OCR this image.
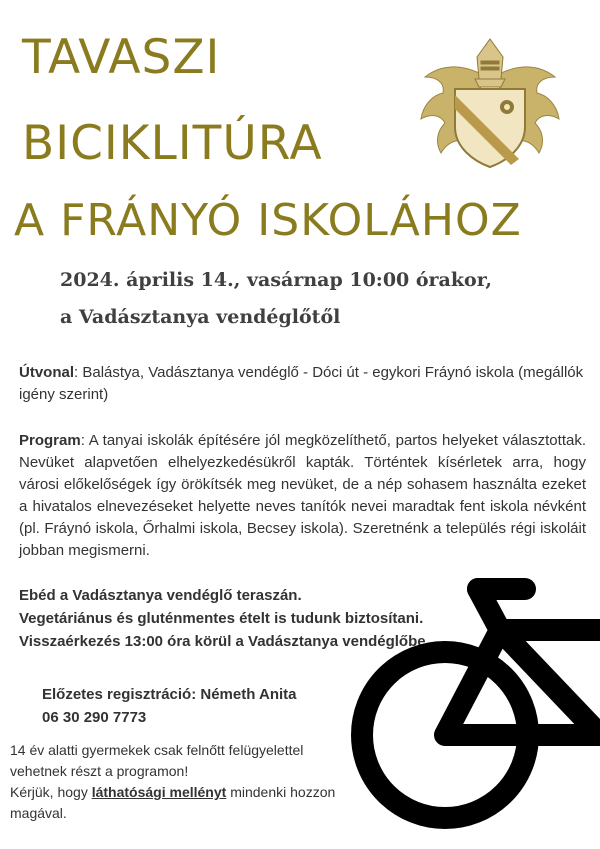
TAVASZI
BICIKLITÚRA
A FRÁNYÓ ISKOLÁHOZ
2024. április 14., vasárnap 10:00 órakor,
a Vadásztanya vendéglőtől
Útvonal: Balástya, Vadásztanya vendéglő - Dóci út - egykori Fráynó iskola (megállók igény szerint)
Program: A tanyai iskolák építésére jól megközelíthető, partos helyeket választottak. Nevüket alapvetően elhelyezkedésükről kapták. Történtek kísérletek arra, hogy városi előkelőségek így örökítsék meg nevüket, de a nép sohasem használta ezeket a hivatalos elnevezéseket helyette neves tanítók nevei maradtak fent iskola névként (pl. Fráynó iskola, Őrhalmi iskola, Becsey iskola). Szeretnénk a település régi iskoláit jobban megismerni.
Ebéd a Vadásztanya vendéglő teraszán.
Vegetáriánus és gluténmentes ételt is tudunk biztosítani.
Visszaérkezés 13:00 óra körül a Vadásztanya vendéglőbe
Előzetes regisztráció: Németh Anita
06 30 290 7773
14 év alatti gyermekek csak felnőtt felügyelettel vehetnek részt a programon!
Kérjük, hogy láthatósági mellényt mindenki hozzon magával.
